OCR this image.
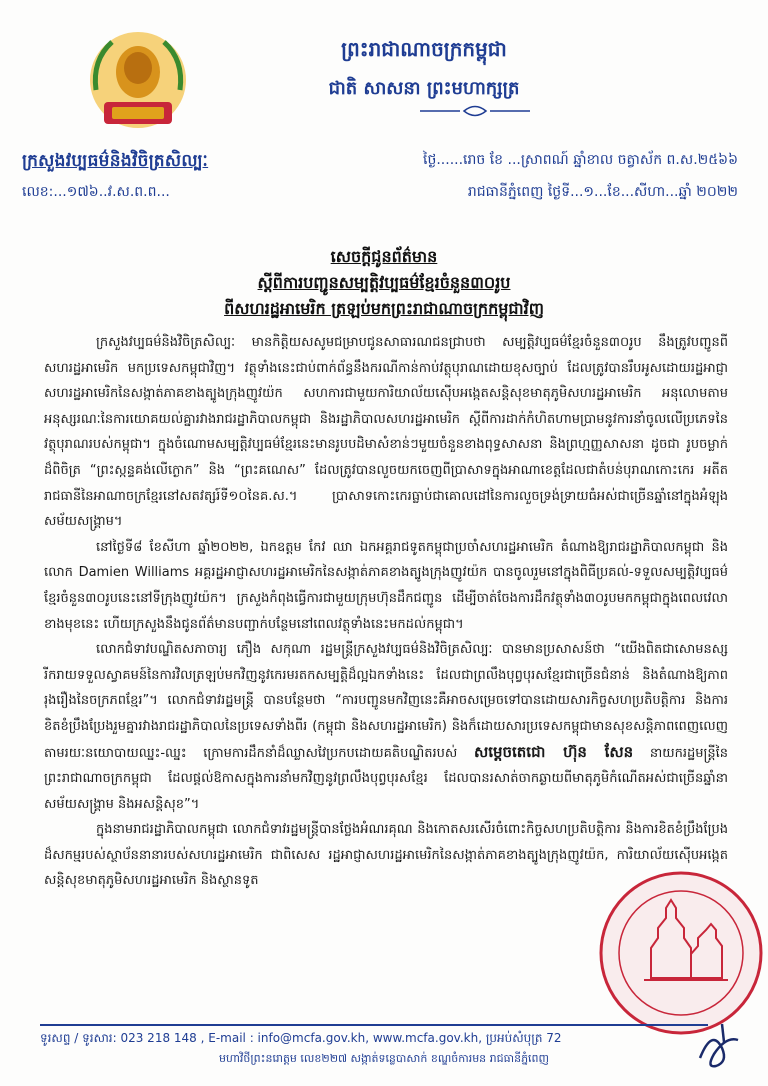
ក្រសួងវប្បធម៌និងវិចិត្រសិល្បៈ
ព្រះរាជាណាចក្រកម្ពុជា
ជាតិ សាសនា ព្រះមហាក្សត្រ
ថ្ងៃ......រោច ខែ ...ស្រាពណ៍ ឆ្នាំខាល ចត្វាស័ក ព.ស.២៥៦៦
លេខ:...១៧៦..វ.ស.ព.ព...	រាជធានីភ្នំពេញ ថ្ងៃទី...១...ខែ...សីហា...ឆ្នាំ ២០២២
សេចក្តីជូនព័ត៌មាន
ស្តីពីការបញ្ជូនសម្បត្តិវប្បធម៌ខ្មែរចំនួន៣០រូប
ពីសហរដ្ឋអាមេរិក ត្រឡប់មកព្រះរាជាណាចក្រកម្ពុជាវិញ

ក្រសួងវប្បធម៌និងវិចិត្រសិល្បៈ មានកិត្តិយសសូមជម្រាបជូនសាធារណជនជ្រាបថា សម្បត្តិវប្បធម៌ខ្មែរចំនួន៣០រូប នឹងត្រូវបញ្ជូនពីសហរដ្ឋអាមេរិក មកប្រទេសកម្ពុជាវិញ។ វត្ថុទាំងនេះជាប់ពាក់ព័ន្ធនឹងករណីកាន់កាប់វត្ថុបុរាណដោយខុសច្បាប់ ដែលត្រូវបានរឹបអូសដោយរដ្ឋអាជ្ញាសហរដ្ឋអាមេរិកនៃសង្កាត់ភាគខាងត្បូងក្រុងញូវយ៉ក សហការជាមួយការិយាល័យស៊ើបអង្កេតសន្តិសុខមាតុភូមិសហរដ្ឋអាមេរិក អនុលោមតាមអនុស្សរណៈនៃការយោគយល់គ្នារវាងរាជរដ្ឋាភិបាលកម្ពុជា និងរដ្ឋាភិបាលសហរដ្ឋអាមេរិក ស្តីពីការដាក់កំហិតហាមប្រាមនូវការនាំចូលលើប្រភេទនៃវត្ថុបុរាណរបស់កម្ពុជា។ ក្នុងចំណោមសម្បត្តិវប្បធម៌ខ្មែរនេះមានរូបបដិមាសំខាន់ៗមួយចំនួនខាងពុទ្ធសាសនា និងព្រហ្មញ្ញសាសនា ដូចជា រូបចម្លាក់ដ៏ពិចិត្រ “ព្រះស្កន្ទគង់លើក្ងោក” និង “ព្រះគណេស” ដែលត្រូវបានលួចយកចេញពីប្រាសាទក្នុងអាណាខេត្តដែលជាតំបន់បុរាណកោះកេរ អតីតរាជធានីនៃអាណាចក្រខ្មែរនៅសតវត្សរ៍ទី១០នៃគ.ស.។ ប្រាសាទកោះកេរធ្លាប់ជាគោលដៅនៃការលួចទ្រង់ទ្រាយធំអស់ជាច្រើនឆ្នាំនៅក្នុងអំឡុងសម័យសង្គ្រាម។

នៅថ្ងៃទី៨ ខែសីហា ឆ្នាំ២០២២, ឯកឧត្តម កែវ ឈា ឯកអគ្គរាជទូតកម្ពុជាប្រចាំសហរដ្ឋអាមេរិក តំណាងឱ្យរាជរដ្ឋាភិបាលកម្ពុជា និងលោក Damien Williams អគ្គរដ្ឋអាជ្ញាសហរដ្ឋអាមេរិកនៃសង្កាត់ភាគខាងត្បូងក្រុងញូវយ៉ក បានចូលរួមនៅក្នុងពិធីប្រគល់-ទទួលសម្បត្តិវប្បធម៌ខ្មែរចំនួន៣០រូបនេះនៅទីក្រុងញូវយ៉ក។ ក្រសួងកំពុងធ្វើការជាមួយក្រុមហ៊ុនដឹកជញ្ជូន ដើម្បីចាត់ចែងការដឹកវត្ថុទាំង៣០រូបមកកម្ពុជាក្នុងពេលវេលាខាងមុខនេះ ហើយក្រសួងនឹងជូនព័ត៌មានបញ្ជាក់បន្ថែមនៅពេលវត្ថុទាំងនេះមកដល់កម្ពុជា។

លោកជំទាវបណ្ឌិតសភាចារ្យ ភឿង សកុណា រដ្ឋមន្ត្រីក្រសួងវប្បធម៌និងវិចិត្រសិល្បៈ បានមានប្រសាសន៍ថា “យើងពិតជាសោមនស្សរីករាយទទួលស្វាគមន៍នៃការវិលត្រឡប់មកវិញនូវកេរមរតកសម្បត្តិដ៏ល្អឯកទាំងនេះ ដែលជាព្រលឹងបុព្វបុរសខ្មែរជាច្រើនជំនាន់ និងតំណាងឱ្យភាពរុងរឿងនៃចក្រភពខ្មែរ”។ លោកជំទាវរដ្ឋមន្ត្រី បានបន្ថែមថា “ការបញ្ជូនមកវិញនេះគឺអាចសម្រេចទៅបានដោយសារកិច្ចសហប្រតិបត្តិការ និងការខិតខំប្រឹងប្រែងរួមគ្នារវាងរាជរដ្ឋាភិបាលនៃប្រទេសទាំងពីរ (កម្ពុជា និងសហរដ្ឋអាមេរិក) និងក៏ដោយសារប្រទេសកម្ពុជាមានសុខសន្តិភាពពេញលេញ តាមរយៈនយោបាយឈ្នះ-ឈ្នះ ក្រោមការដឹកនាំដ៏ឈ្លាសវៃប្រកបដោយគតិបណ្ឌិតរបស់ សម្តេចតេជោ ហ៊ុន សែន នាយករដ្ឋមន្ត្រីនៃព្រះរាជាណាចក្រកម្ពុជា ដែលផ្តល់ឱកាសក្នុងការនាំមកវិញនូវព្រលឹងបុព្វបុរសខ្មែរ ដែលបានរសាត់ចាកឆ្ងាយពីមាតុភូមិកំណើតអស់ជាច្រើនឆ្នាំនាសម័យសង្គ្រាម និងអសន្តិសុខ”។

ក្នុងនាមរាជរដ្ឋាភិបាលកម្ពុជា លោកជំទាវរដ្ឋមន្ត្រីបានថ្លែងអំណរគុណ និងកោតសរសើរចំពោះកិច្ចសហប្រតិបត្តិការ និងការខិតខំប្រឹងប្រែងដ៏សកម្មរបស់ស្ថាប័ននានារបស់សហរដ្ឋអាមេរិក ជាពិសេស រដ្ឋអាជ្ញាសហរដ្ឋអាមេរិកនៃសង្កាត់ភាគខាងត្បូងក្រុងញូវយ៉ក, ការិយាល័យស៊ើបអង្កេតសន្តិសុខមាតុភូមិសហរដ្ឋអាមេរិក និងស្ថានទូត

ទូរសព្ទ / ទូរសារ: 023 218 148 , E-mail : info@mcfa.gov.kh, www.mcfa.gov.kh, ប្រអប់សំបុត្រ 72
មហាវិថីព្រះនរោត្តម លេខ២២៧ សង្កាត់ទន្លេបាសាក់ ខណ្ឌចំការមន រាជធានីភ្នំពេញ
